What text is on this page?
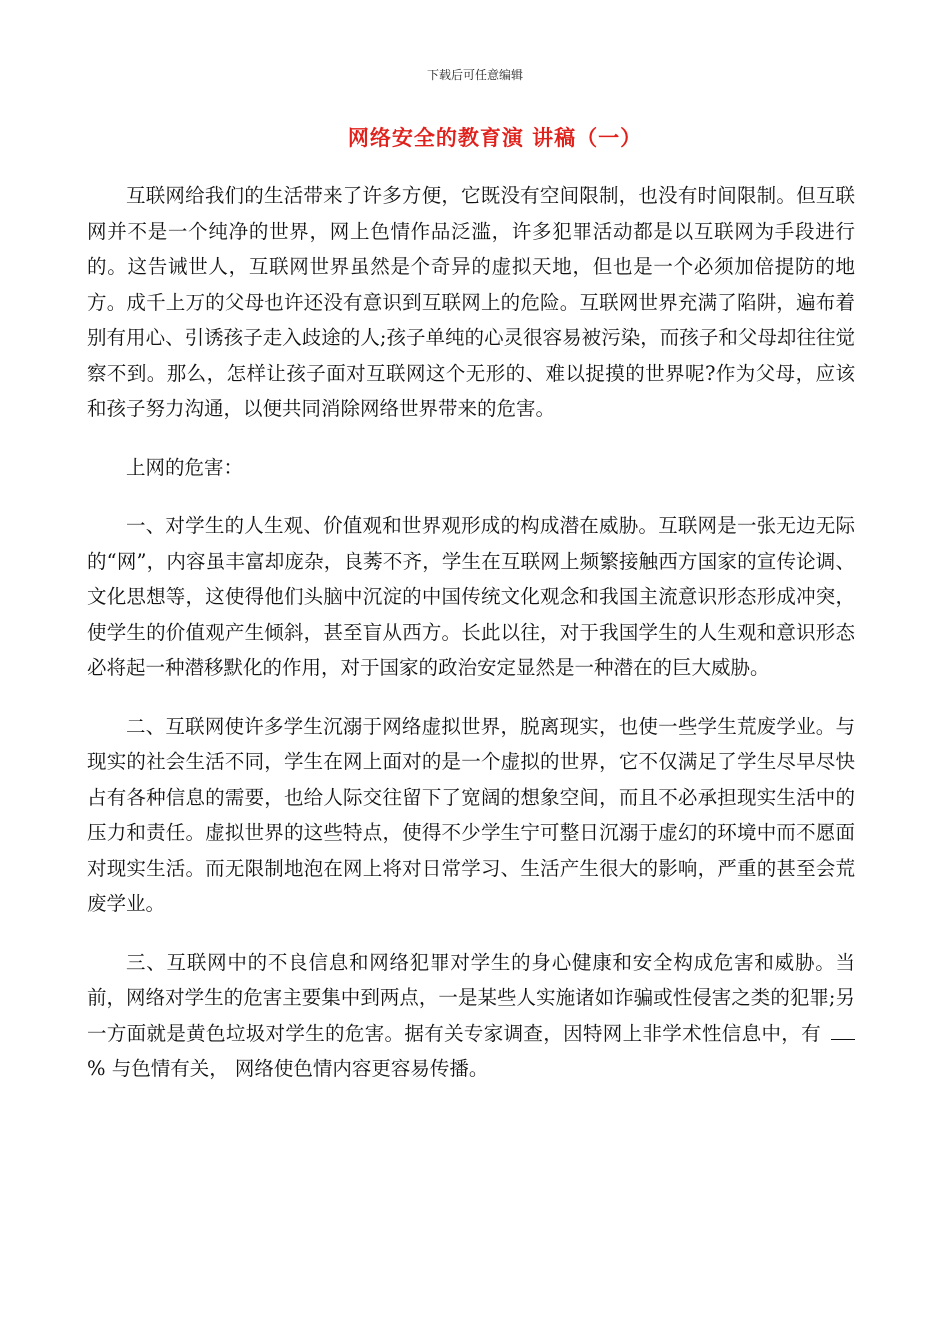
下载后可任意编辑
网络安全的教育演 讲稿（一）

互联网给我们的生活带来了许多方便，它既没有空间限制，也没有时间限制。但互联网并不是一个纯净的世界，网上色情作品泛滥，许多犯罪活动都是以互联网为手段进行的。这告诫世人，互联网世界虽然是个奇异的虚拟天地，但也是一个必须加倍提防的地方。成千上万的父母也许还没有意识到互联网上的危险。互联网世界充满了陷阱，遍布着别有用心、引诱孩子走入歧途的人;孩子单纯的心灵很容易被污染，而孩子和父母却往往觉察不到。那么，怎样让孩子面对互联网这个无形的、难以捉摸的世界呢?作为父母，应该和孩子努力沟通，以便共同消除网络世界带来的危害。

上网的危害：

一、对学生的人生观、价值观和世界观形成的构成潜在威胁。互联网是一张无边无际的“网”，内容虽丰富却庞杂，良莠不齐，学生在互联网上频繁接触西方国家的宣传论调、文化思想等，这使得他们头脑中沉淀的中国传统文化观念和我国主流意识形态形成冲突，使学生的价值观产生倾斜，甚至盲从西方。长此以往，对于我国学生的人生观和意识形态必将起一种潜移默化的作用，对于国家的政治安定显然是一种潜在的巨大威胁。

二、互联网使许多学生沉溺于网络虚拟世界，脱离现实，也使一些学生荒废学业。与现实的社会生活不同，学生在网上面对的是一个虚拟的世界，它不仅满足了学生尽早尽快占有各种信息的需要，也给人际交往留下了宽阔的想象空间，而且不必承担现实生活中的压力和责任。虚拟世界的这些特点，使得不少学生宁可整日沉溺于虚幻的环境中而不愿面对现实生活。而无限制地泡在网上将对日常学习、生活产生很大的影响，严重的甚至会荒废学业。

三、互联网中的不良信息和网络犯罪对学生的身心健康和安全构成危害和威胁。当前，网络对学生的危害主要集中到两点，一是某些人实施诸如诈骗或性侵害之类的犯罪;另一方面就是黄色垃圾对学生的危害。据有关专家调查，因特网上非学术性信息中，有% 与色情有关， 网络使色情内容更容易传播。
